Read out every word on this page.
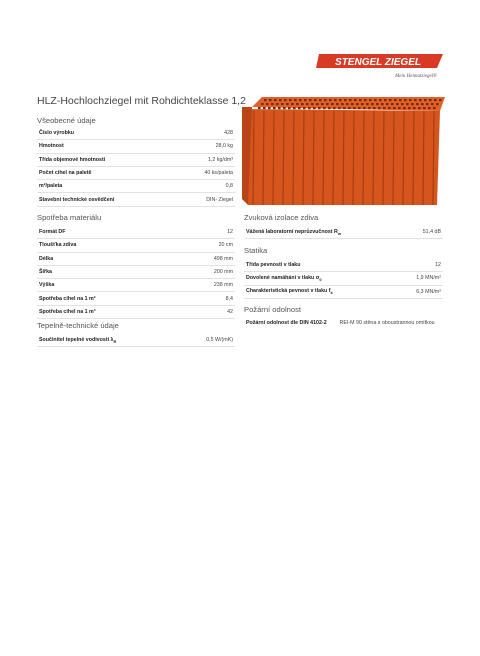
STENGEL ZIEGEL
Mein Heimatziegel®
HLZ-Hochlochziegel mit Rohdichteklasse 1,2
Všeobecné údaje
Číslo výrobku	428
Hmotnost	28,0 kg
Třída objemové hmotnosti	1,2 kg/dm³
Počet cihel na paletě	40 ks/paleta
m²/paleta	0,8
Stavební technické osvědčení	DIN- Ziegel
Spotřeba materiálu
Formát DF	12
Tloušťka zdiva	20 cm
Délka	498 mm
Šířka	200 mm
Výška	238 mm
Spotřeba cihel na 1 m²	8,4
Spotřeba cihel na 1 m³	42
Tepelně-technické údaje
Součinitel tepelné vodivosti $\lambda_R$	0,5 W/(mK)
Zvuková izolace zdiva
Vážená laboratorní neprůzvučnost $R_w$	51,4 dB
Statika
Třída pevnosti v tlaku	12
Dovolené namáhání v tlaku $\sigma_0$	1,9 MN/m²
Charakteristická pevnost v tlaku $f_k$	6,3 MN/m²
Požární odolnost
Požární odolnost dle DIN 4102-2	REI-M 90 stěna s oboustrannou omítkou
